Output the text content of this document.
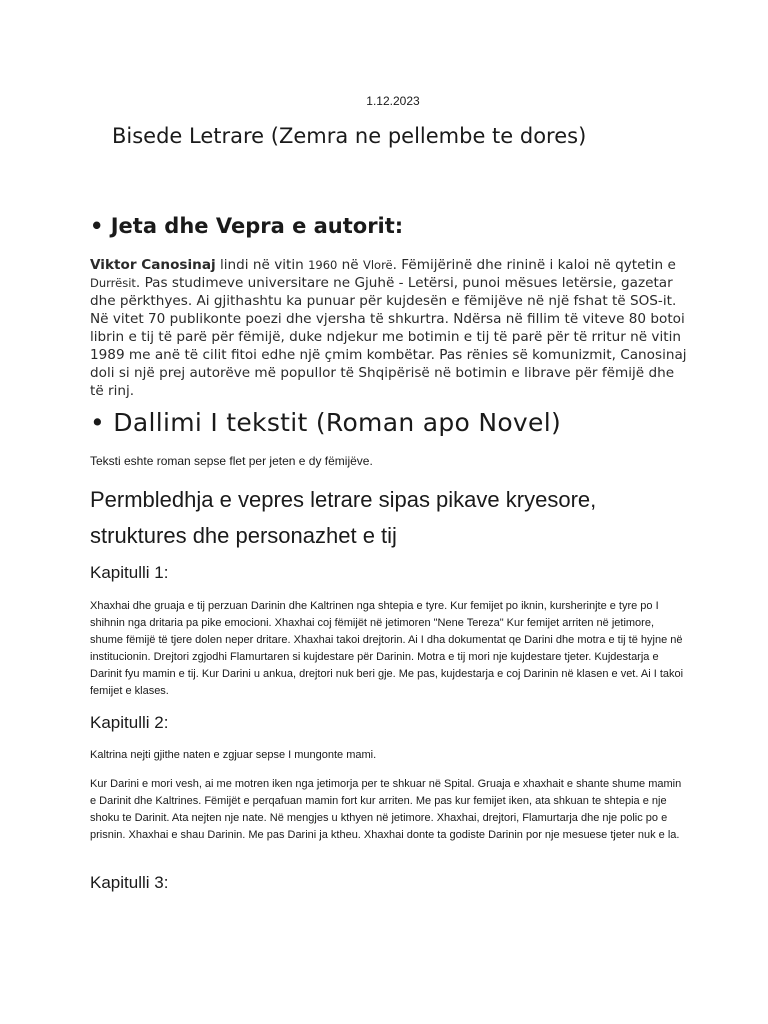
1.12.2023
Bisede Letrare (Zemra ne pellembe te dores)
• Jeta dhe Vepra e autorit:

Viktor Canosinaj lindi në vitin 1960 në Vlorë. Fëmijërinë dhe rininë i kaloi në qytetin e Durrësit. Pas studimeve universitare ne Gjuhë - Letërsi, punoi mësues letërsie, gazetar dhe përkthyes. Ai gjithashtu ka punuar për kujdesën e fëmijëve në një fshat të SOS-it. Në vitet 70 publikonte poezi dhe vjersha të shkurtra. Ndërsa në fillim të viteve 80 botoi librin e tij të parë për fëmijë, duke ndjekur me botimin e tij të parë për të rritur në vitin 1989 me anë të cilit fitoi edhe një çmim kombëtar. Pas rënies së komunizmit, Canosinaj doli si një prej autorëve më popullor të Shqipërisë në botimin e librave për fëmijë dhe të rinj.

• Dallimi I tekstit (Roman apo Novel)

Teksti eshte roman sepse flet per jeten e dy fëmijëve.

Permbledhja e vepres letrare sipas pikave kryesore, struktures dhe personazhet e tij
Kapitulli 1:

Xhaxhai dhe gruaja e tij perzuan Darinin dhe Kaltrinen nga shtepia e tyre. Kur femijet po iknin, kursherinjte e tyre po I shihnin nga dritaria pa pike emocioni. Xhaxhai coj fëmijët në jetimoren "Nene Tereza" Kur femijet arriten në jetimore, shume fëmijë të tjere dolen neper dritare. Xhaxhai takoi drejtorin. Ai I dha dokumentat qe Darini dhe motra e tij të hyjne në institucionin. Drejtori zgjodhi Flamurtaren si kujdestare për Darinin. Motra e tij mori nje kujdestare tjeter. Kujdestarja e Darinit fyu mamin e tij. Kur Darini u ankua, drejtori nuk beri gje. Me pas, kujdestarja e coj Darinin në klasen e vet. Ai I takoi femijet e klases.

Kapitulli 2:

Kaltrina nejti gjithe naten e zgjuar sepse I mungonte mami.

Kur Darini e mori vesh, ai me motren iken nga jetimorja per te shkuar në Spital. Gruaja e xhaxhait e shante shume mamin e Darinit dhe Kaltrines. Fëmijët e perqafuan mamin fort kur arriten. Me pas kur femijet iken, ata shkuan te shtepia e nje shoku te Darinit. Ata nejten nje nate. Në mengjes u kthyen në jetimore. Xhaxhai, drejtori, Flamurtarja dhe nje polic po e prisnin. Xhaxhai e shau Darinin. Me pas Darini ja ktheu. Xhaxhai donte ta godiste Darinin por nje mesuese tjeter nuk e la.

Kapitulli 3:
